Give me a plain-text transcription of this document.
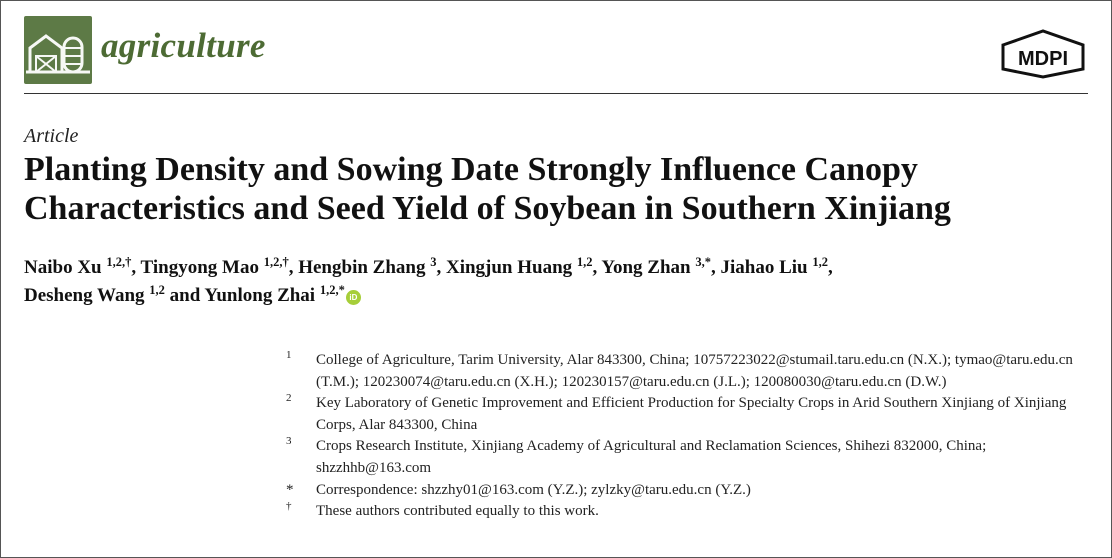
agriculture	MDPI
Article
Planting Density and Sowing Date Strongly Influence Canopy Characteristics and Seed Yield of Soybean in Southern Xinjiang
Naibo Xu $^{1,2,\dagger}$, Tingyong Mao $^{1,2,\dagger}$, Hengbin Zhang $^3$, Xingjun Huang $^{1,2}$, Yong Zhan $^{3,*}$, Jiahao Liu $^{1,2}$,
Desheng Wang $^{1,2}$ and Yunlong Zhai $^{1,2,*}$iD
1 College of Agriculture, Tarim University, Alar 843300, China; 10757223022@stumail.taru.edu.cn (N.X.); tymao@taru.edu.cn (T.M.); 120230074@taru.edu.cn (X.H.); 120230157@taru.edu.cn (J.L.); 120080030@taru.edu.cn (D.W.)
2 Key Laboratory of Genetic Improvement and Efficient Production for Specialty Crops in Arid Southern Xinjiang of Xinjiang Corps, Alar 843300, China
3 Crops Research Institute, Xinjiang Academy of Agricultural and Reclamation Sciences, Shihezi 832000, China; shzzhhb@163.com
* Correspondence: shzzhy01@163.com (Y.Z.); zylzky@taru.edu.cn (Y.Z.)
† These authors contributed equally to this work.
